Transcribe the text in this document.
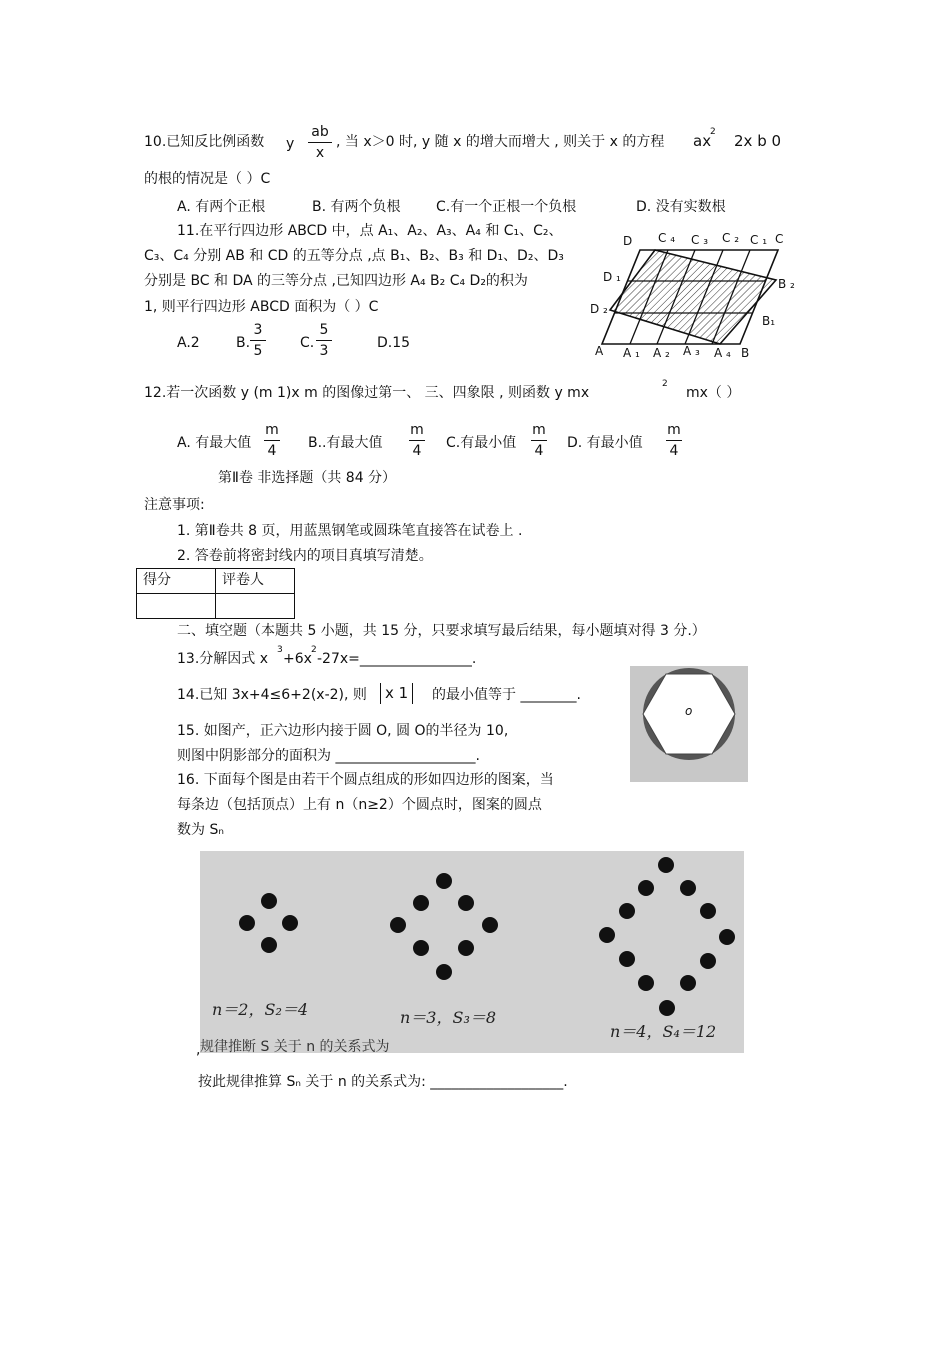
10.已知反比例函数 y
ab
x
, 当 x＞0 时, y 随 x 的增大而增大 , 则关于 x 的方程 ax
2 2x b 0
的根的情况是（ ）C
A. 有两个正根	B. 有两个负根	C.有一个正根一个负根	D. 没有实数根
11.在平行四边形 ABCD 中，点 A₁、A₂、A₃、A₄ 和 C₁、C₂、
C₃、C₄ 分别 AB 和 CD 的五等分点 ,点 B₁、B₂、B₃ 和 D₁、D₂、D₃
分别是 BC 和 DA 的三等分点 ,已知四边形 A₄ B₂ C₄ D₂的积为
1, 则平行四边形 ABCD 面积为（ ）C
A.2	B.
3
5	C.
5
3	D.15
D C ₄ C ₃ C ₂ C ₁ C
D ₁	B ₂
D ₂
B₁
A A ₁ A ₂ A ₃ A ₄ B
12.若一次函数 y (m 1)x m 的图像过第一、 三、四象限 , 则函数 y mx
2
mx（ ）
A. 有最大值
m
4 B..有最大值
m
4 C.有最小值
m
4 D. 有最小值
m
4
第Ⅱ卷 非选择题（共 84 分）
注意事项:
1. 第Ⅱ卷共 8 页，用蓝黑钢笔或圆珠笔直接答在试卷上 .
2. 答卷前将密封线内的项目真填写清楚。
得分	评卷人

二、填空题（本题共 5 小题，共 15 分，只要求填写最后结果，每小题填对得 3 分.）
13.分解因式 x
3
+6x
2
-27x=________________.
14.已知 3x+4≤6+2(x-2), 则	x 1	的最小值等于 ________.
15. 如图产，正六边形内接于圆 O, 圆 O的半径为 10,
则图中阴影部分的面积为 ____________________.
o
16. 下面每个图是由若干个圆点组成的形如四边形的图案，当
每条边（包括顶点）上有 n（n≥2）个圆点时，图案的圆点
数为 Sₙ
n＝2，S₂＝4	n＝3，S₃＝8
n＝4，S₄＝12
规律推断 S 关于 n 的关系式为
,
按此规律推算 Sₙ 关于 n 的关系式为: ___________________.
